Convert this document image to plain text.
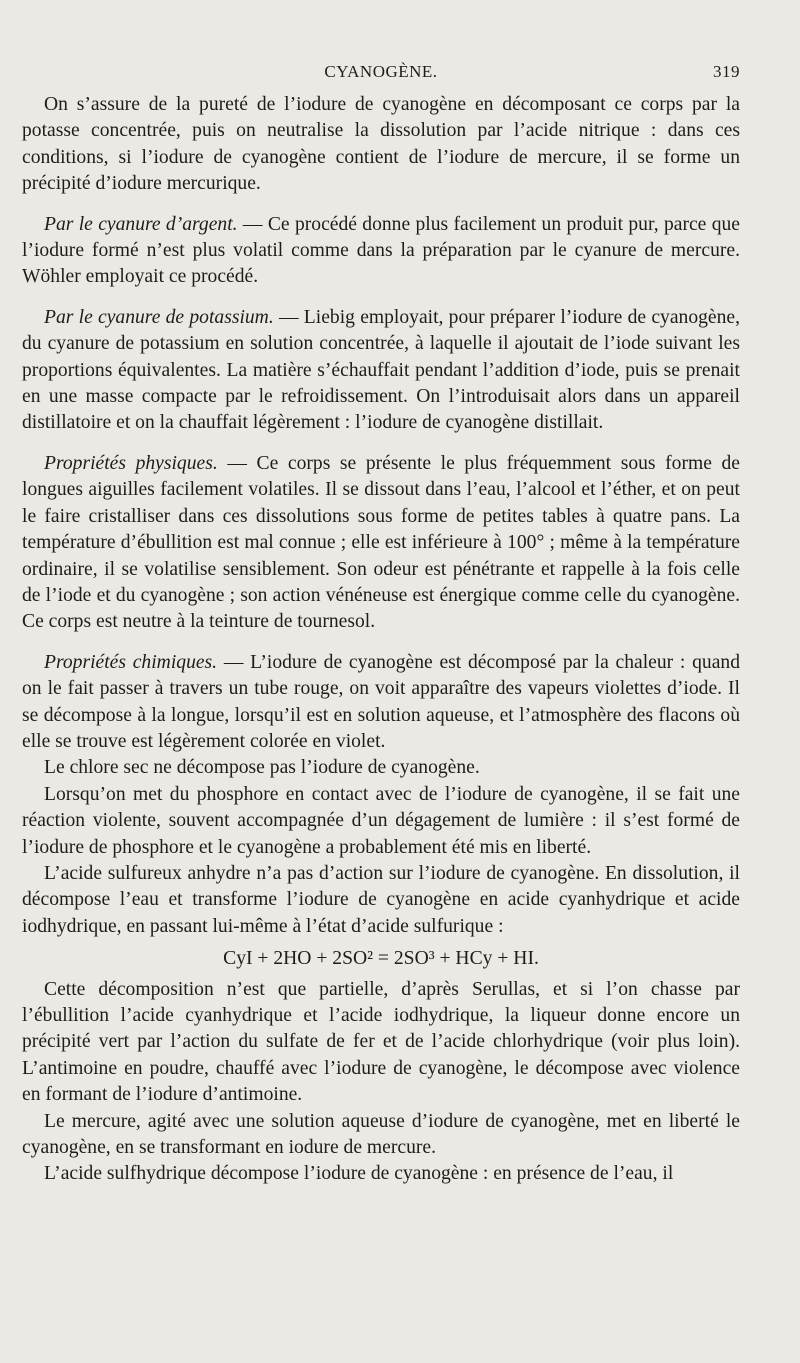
CYANOGÈNE.	319

On s’assure de la pureté de l’iodure de cyanogène en décomposant ce corps par la potasse concentrée, puis on neutralise la dissolution par l’acide nitrique : dans ces conditions, si l’iodure de cyanogène contient de l’iodure de mercure, il se forme un précipité d’iodure mercurique.

Par le cyanure d’argent. — Ce procédé donne plus facilement un produit pur, parce que l’iodure formé n’est plus volatil comme dans la préparation par le cyanure de mercure. Wöhler employait ce procédé.

Par le cyanure de potassium. — Liebig employait, pour préparer l’iodure de cyanogène, du cyanure de potassium en solution concentrée, à laquelle il ajoutait de l’iode suivant les proportions équivalentes. La matière s’échauffait pendant l’addition d’iode, puis se prenait en une masse compacte par le refroidissement. On l’introduisait alors dans un appareil distillatoire et on la chauffait légèrement : l’iodure de cyanogène distillait.

Propriétés physiques. — Ce corps se présente le plus fréquemment sous forme de longues aiguilles facilement volatiles. Il se dissout dans l’eau, l’alcool et l’éther, et on peut le faire cristalliser dans ces dissolutions sous forme de petites tables à quatre pans. La température d’ébullition est mal connue ; elle est inférieure à 100° ; même à la température ordinaire, il se volatilise sensiblement. Son odeur est pénétrante et rappelle à la fois celle de l’iode et du cyanogène ; son action vénéneuse est énergique comme celle du cyanogène. Ce corps est neutre à la teinture de tournesol.

Propriétés chimiques. — L’iodure de cyanogène est décomposé par la chaleur : quand on le fait passer à travers un tube rouge, on voit apparaître des vapeurs violettes d’iode. Il se décompose à la longue, lorsqu’il est en solution aqueuse, et l’atmosphère des flacons où elle se trouve est légèrement colorée en violet.

Le chlore sec ne décompose pas l’iodure de cyanogène.

Lorsqu’on met du phosphore en contact avec de l’iodure de cyanogène, il se fait une réaction violente, souvent accompagnée d’un dégagement de lumière : il s’est formé de l’iodure de phosphore et le cyanogène a probablement été mis en liberté.

L’acide sulfureux anhydre n’a pas d’action sur l’iodure de cyanogène. En dissolution, il décompose l’eau et transforme l’iodure de cyanogène en acide cyanhydrique et acide iodhydrique, en passant lui-même à l’état d’acide sulfurique :

CyI + 2HO + 2SO² = 2SO³ + HCy + HI.

Cette décomposition n’est que partielle, d’après Serullas, et si l’on chasse par l’ébullition l’acide cyanhydrique et l’acide iodhydrique, la liqueur donne encore un précipité vert par l’action du sulfate de fer et de l’acide chlorhydrique (voir plus loin). L’antimoine en poudre, chauffé avec l’iodure de cyanogène, le décompose avec violence en formant de l’iodure d’antimoine.

Le mercure, agité avec une solution aqueuse d’iodure de cyanogène, met en liberté le cyanogène, en se transformant en iodure de mercure.

L’acide sulfhydrique décompose l’iodure de cyanogène : en présence de l’eau, il
